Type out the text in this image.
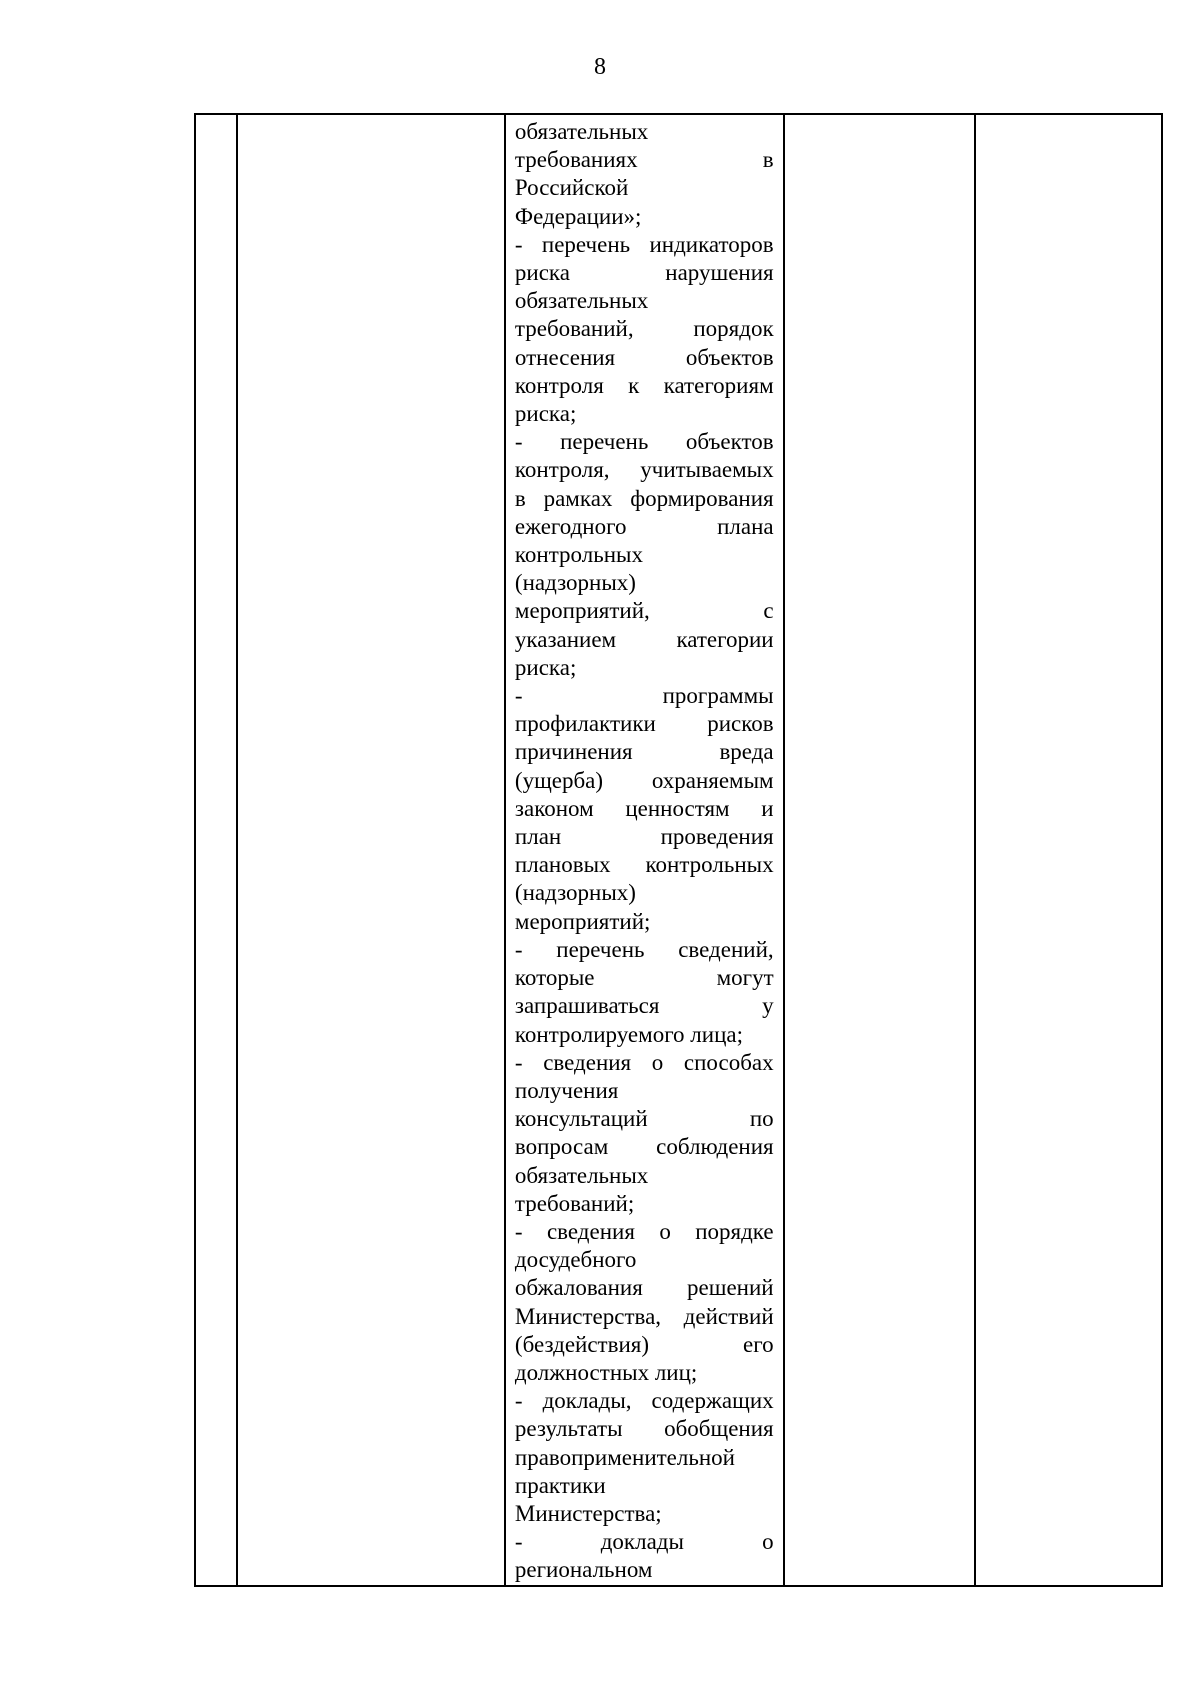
8

обязательных
требованиях в
Российской
Федерации»;
- перечень индикаторов
риска нарушения
обязательных
требований, порядок
отнесения объектов
контроля к категориям
риска;
- перечень объектов
контроля, учитываемых
в рамках формирования
ежегодного плана
контрольных
(надзорных)
мероприятий, с
указанием категории
риска;
- программы
профилактики рисков
причинения вреда
(ущерба) охраняемым
законом ценностям и
план проведения
плановых контрольных
(надзорных)
мероприятий;
- перечень сведений,
которые могут
запрашиваться у
контролируемого лица;
- сведения о способах
получения
консультаций по
вопросам соблюдения
обязательных
требований;
- сведения о порядке
досудебного
обжалования решений
Министерства, действий
(бездействия) его
должностных лиц;
- доклады, содержащих
результаты обобщения
правоприменительной
практики
Министерства;
- доклады о
региональном
